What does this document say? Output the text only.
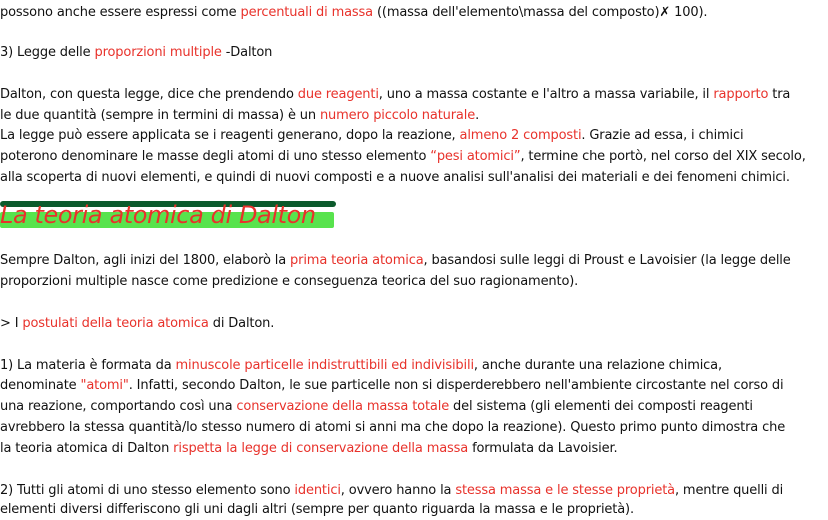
possono anche essere espressi come percentuali di massa ((massa dell'elemento\massa del composto)✗ 100).
3) Legge delle proporzioni multiple -Dalton
Dalton, con questa legge, dice che prendendo due reagenti, uno a massa costante e l'altro a massa variabile, il rapporto tra
le due quantità (sempre in termini di massa) è un numero piccolo naturale.
La legge può essere applicata se i reagenti generano, dopo la reazione, almeno 2 composti. Grazie ad essa, i chimici
poterono denominare le masse degli atomi di uno stesso elemento “pesi atomici”, termine che portò, nel corso del XIX secolo,
alla scoperta di nuovi elementi, e quindi di nuovi composti e a nuove analisi sull'analisi dei materiali e dei fenomeni chimici.
La teoria atomica di Dalton
Sempre Dalton, agli inizi del 1800, elaborò la prima teoria atomica, basandosi sulle leggi di Proust e Lavoisier (la legge delle
proporzioni multiple nasce come predizione e conseguenza teorica del suo ragionamento).
> I postulati della teoria atomica di Dalton.
1) La materia è formata da minuscole particelle indistruttibili ed indivisibili, anche durante una relazione chimica,
denominate "atomi". Infatti, secondo Dalton, le sue particelle non si disperderebbero nell'ambiente circostante nel corso di
una reazione, comportando così una conservazione della massa totale del sistema (gli elementi dei composti reagenti
avrebbero la stessa quantità/lo stesso numero di atomi si anni ma che dopo la reazione). Questo primo punto dimostra che
la teoria atomica di Dalton rispetta la legge di conservazione della massa formulata da Lavoisier.
2) Tutti gli atomi di uno stesso elemento sono identici, ovvero hanno la stessa massa e le stesse proprietà, mentre quelli di
elementi diversi differiscono gli uni dagli altri (sempre per quanto riguarda la massa e le proprietà).
